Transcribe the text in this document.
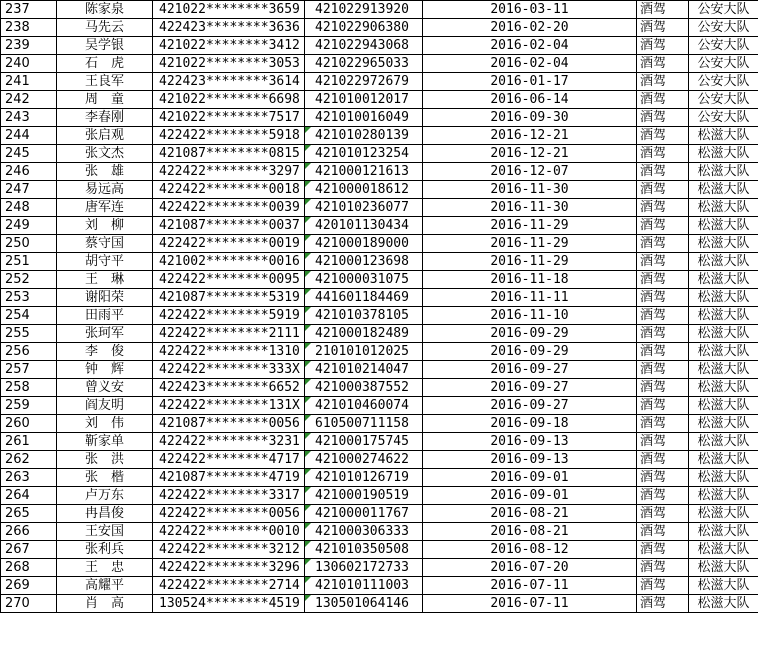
237	陈家泉	421022********3659	421022913920	2016-03-11	酒驾	公安大队
238	马先云	422423********3636	421022906380	2016-02-20	酒驾	公安大队
239	吴学银	421022********3412	421022943068	2016-02-04	酒驾	公安大队
240	石　虎	421022********3053	421022965033	2016-02-04	酒驾	公安大队
241	王良军	422423********3614	421022972679	2016-01-17	酒驾	公安大队
242	周　童	421022********6698	421010012017	2016-06-14	酒驾	公安大队
243	李春刚	421022********7517	421010016049	2016-09-30	酒驾	公安大队
244	张启观	422422********5918	421010280139	2016-12-21	酒驾	松滋大队
245	张文杰	421087********0815	421010123254	2016-12-21	酒驾	松滋大队
246	张　雄	422422********3297	421000121613	2016-12-07	酒驾	松滋大队
247	易远高	422422********0018	421000018612	2016-11-30	酒驾	松滋大队
248	唐军连	422422********0039	421010236077	2016-11-30	酒驾	松滋大队
249	刘　柳	421087********0037	420101130434	2016-11-29	酒驾	松滋大队
250	蔡守国	422422********0019	421000189000	2016-11-29	酒驾	松滋大队
251	胡守平	421002********0016	421000123698	2016-11-29	酒驾	松滋大队
252	王　琳	422422********0095	421000031075	2016-11-18	酒驾	松滋大队
253	谢阳荣	421087********5319	441601184469	2016-11-11	酒驾	松滋大队
254	田雨平	422422********5919	421010378105	2016-11-10	酒驾	松滋大队
255	张珂军	422422********2111	421000182489	2016-09-29	酒驾	松滋大队
256	李　俊	422422********1310	210101012025	2016-09-29	酒驾	松滋大队
257	钟　辉	422422********333X	421010214047	2016-09-27	酒驾	松滋大队
258	曾义安	422423********6652	421000387552	2016-09-27	酒驾	松滋大队
259	阎友明	422422********131X	421010460074	2016-09-27	酒驾	松滋大队
260	刘　伟	421087********0056	610500711158	2016-09-18	酒驾	松滋大队
261	靳家单	422422********3231	421000175745	2016-09-13	酒驾	松滋大队
262	张　洪	422422********4717	421000274622	2016-09-13	酒驾	松滋大队
263	张　楷	421087********4719	421010126719	2016-09-01	酒驾	松滋大队
264	卢万东	422422********3317	421000190519	2016-09-01	酒驾	松滋大队
265	冉昌俊	422422********0056	421000011767	2016-08-21	酒驾	松滋大队
266	王安国	422422********0010	421000306333	2016-08-21	酒驾	松滋大队
267	张利兵	422422********3212	421010350508	2016-08-12	酒驾	松滋大队
268	王　忠	422422********3296	130602172733	2016-07-20	酒驾	松滋大队
269	高耀平	422422********2714	421010111003	2016-07-11	酒驾	松滋大队
270	肖　高	130524********4519	130501064146	2016-07-11	酒驾	松滋大队
